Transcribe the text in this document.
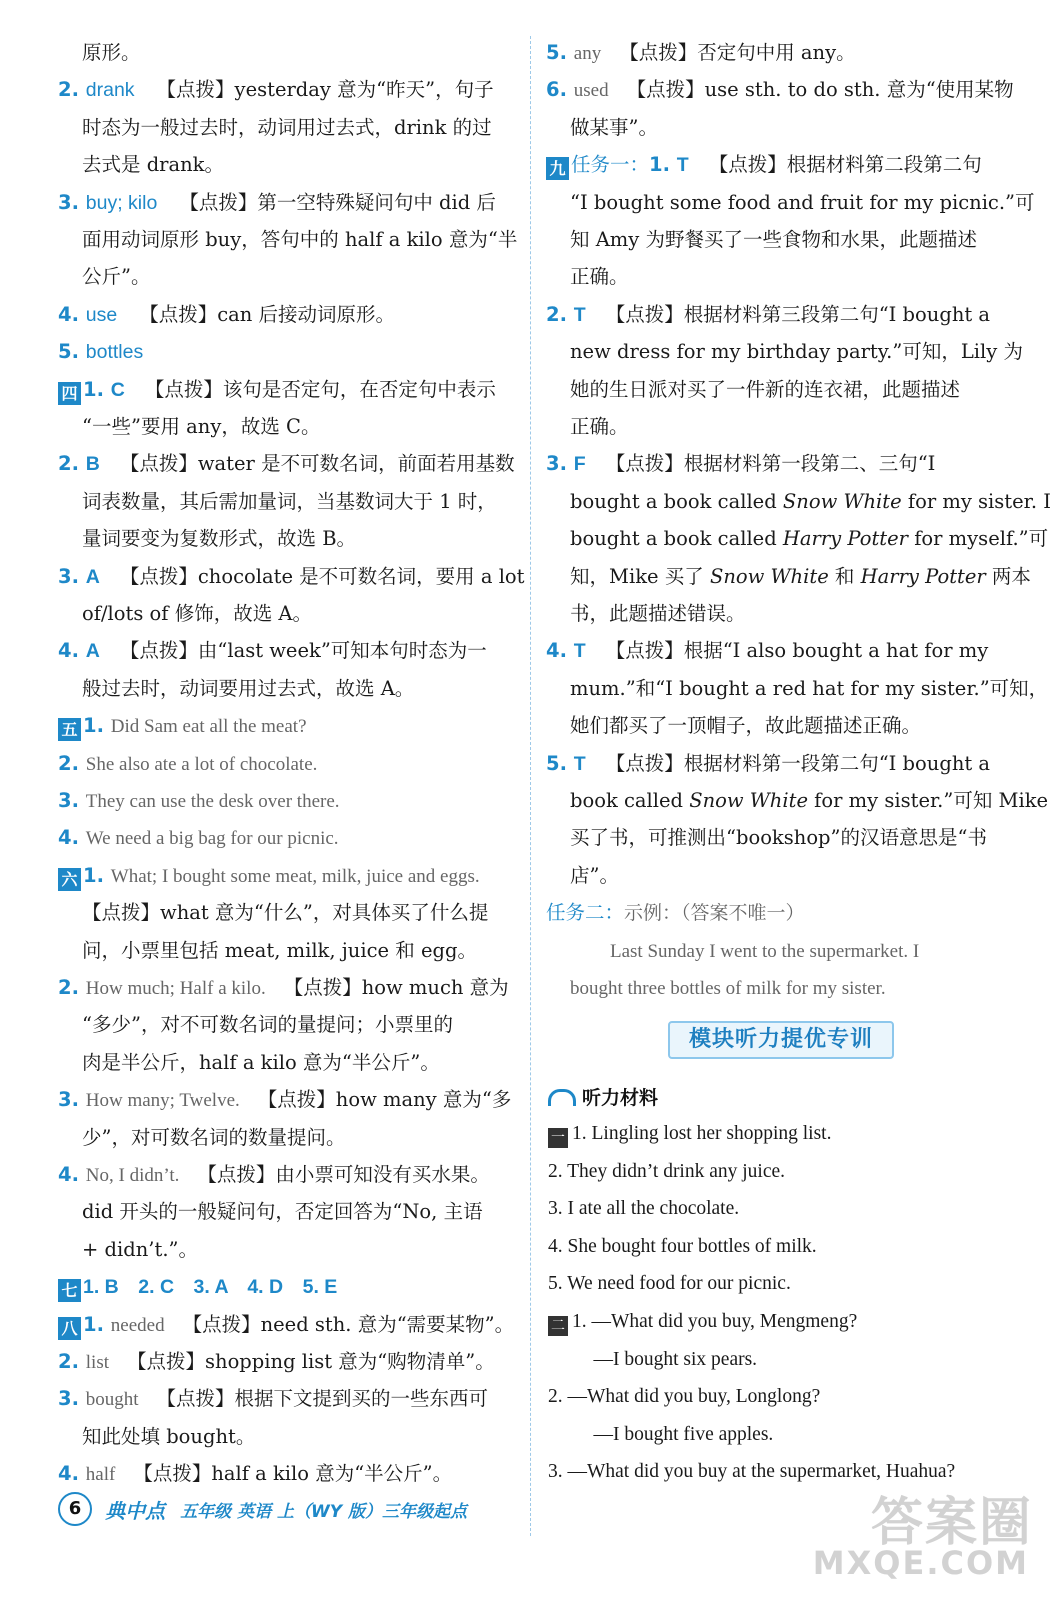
原形。
2. drank 【点拨】yesterday 意为“昨天”，句子
时态为一般过去时，动词用过去式，drink 的过
去式是 drank。
3. buy; kilo 【点拨】第一空特殊疑问句中 did 后
面用动词原形 buy，答句中的 half a kilo 意为“半
公斤”。
4. use 【点拨】can 后接动词原形。
5. bottles
四 1. C 【点拨】该句是否定句，在否定句中表示
“一些”要用 any，故选 C。
2. B 【点拨】water 是不可数名词，前面若用基数
词表数量，其后需加量词，当基数词大于 1 时，
量词要变为复数形式，故选 B。
3. A 【点拨】chocolate 是不可数名词，要用 a lot
of/lots of 修饰，故选 A。
4. A 【点拨】由“last week”可知本句时态为一
般过去时，动词要用过去式，故选 A。
五 1. Did Sam eat all the meat?
2. She also ate a lot of chocolate.
3. They can use the desk over there.
4. We need a big bag for our picnic.
六 1. What; I bought some meat, milk, juice and eggs.
【点拨】what 意为“什么”，对具体买了什么提
问，小票里包括 meat, milk, juice 和 egg。
2. How much; Half a kilo. 【点拨】how much 意为
“多少”，对不可数名词的量提问；小票里的
肉是半公斤，half a kilo 意为“半公斤”。
3. How many; Twelve. 【点拨】how many 意为“多
少”，对可数名词的数量提问。
4. No, I didn’t. 【点拨】由小票可知没有买水果。
did 开头的一般疑问句，否定回答为“No, 主语
+ didn’t.”。
七 1. B　2. C　3. A　4. D　5. E
八 1. needed 【点拨】need sth. 意为“需要某物”。
2. list 【点拨】shopping list 意为“购物清单”。
3. bought 【点拨】根据下文提到买的一些东西可
知此处填 bought。
4. half 【点拨】half a kilo 意为“半公斤”。
5. any 【点拨】否定句中用 any。
6. used 【点拨】use sth. to do sth. 意为“使用某物
做某事”。
九 任务一：1. T 【点拨】根据材料第二段第二句
“I bought some food and fruit for my picnic.”可
知 Amy 为野餐买了一些食物和水果，此题描述
正确。
2. T 【点拨】根据材料第三段第二句“I bought a
new dress for my birthday party.”可知，Lily 为
她的生日派对买了一件新的连衣裙，此题描述
正确。
3. F 【点拨】根据材料第一段第二、三句“I
bought a book called Snow White for my sister. I
bought a book called Harry Potter for myself.”可
知，Mike 买了 Snow White 和 Harry Potter 两本
书，此题描述错误。
4. T 【点拨】根据“I also bought a hat for my
mum.”和“I bought a red hat for my sister.”可知，
她们都买了一顶帽子，故此题描述正确。
5. T 【点拨】根据材料第一段第二句“I bought a
book called Snow White for my sister.”可知 Mike
买了书，可推测出“bookshop”的汉语意思是“书
店”。
任务二：示例：（答案不唯一）
Last Sunday I went to the supermarket. I
bought three bottles of milk for my sister.
模块听力提优专训
听力材料
一 1. Lingling lost her shopping list.
2. They didn’t drink any juice.
3. I ate all the chocolate.
4. She bought four bottles of milk.
5. We need food for our picnic.
二 1. —What did you buy, Mengmeng?
　—I bought six pears.
2. —What did you buy, Longlong?
　—I bought five apples.
3. —What did you buy at the supermarket, Huahua?
6 典中点 五年级 英语 上（WY 版）三年级起点	答案圈
MXQE.COM
